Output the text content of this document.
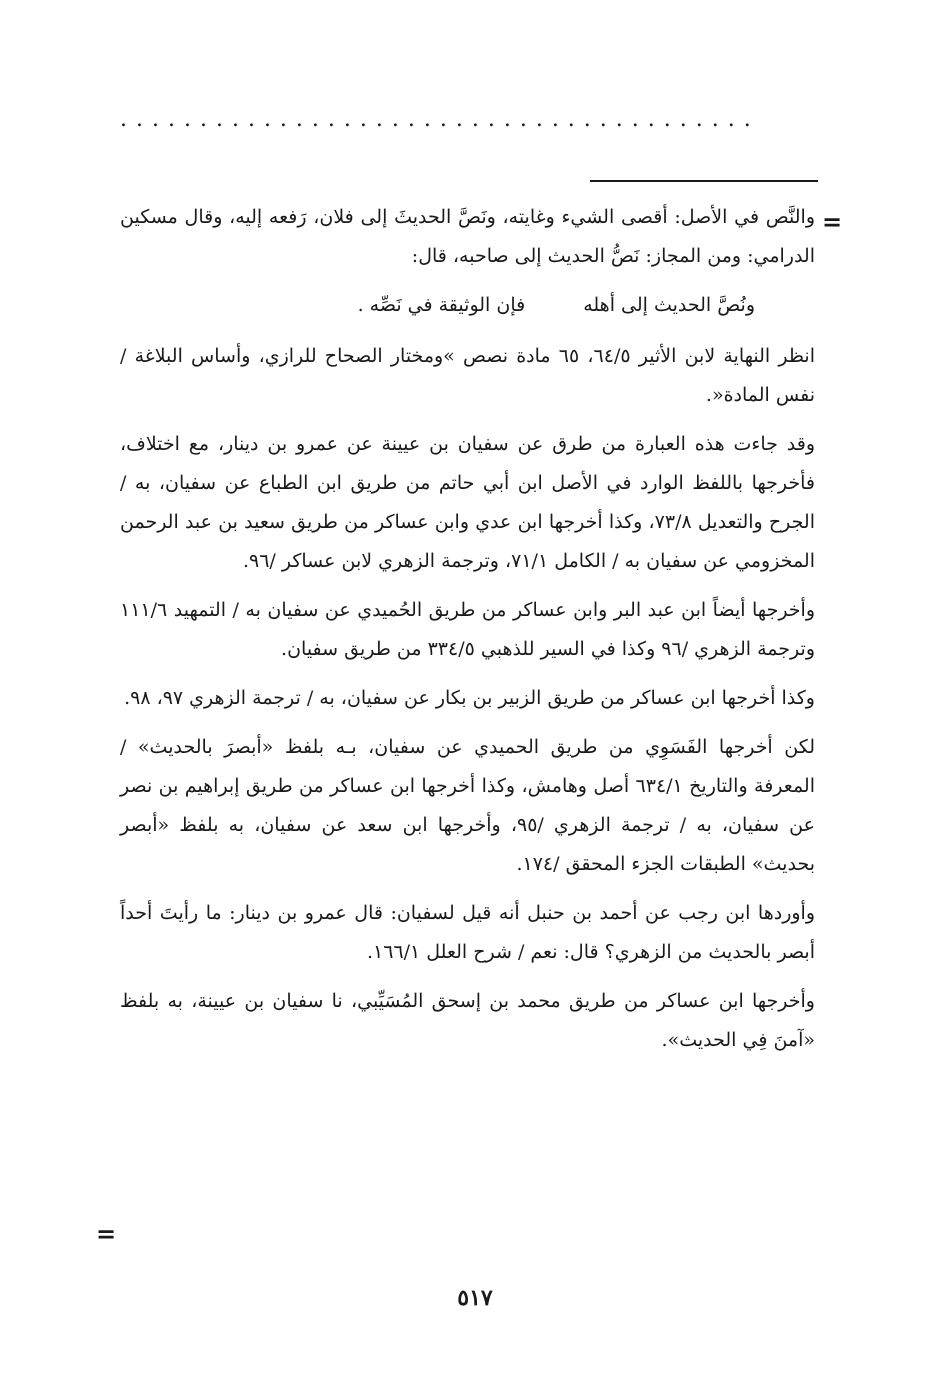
........................................
=

والنَّص في الأصل: أقصى الشيء وغايته، ونَصَّ الحديثَ إلى فلان، رَفعه إليه، وقال مسكين الدرامي: ومن المجاز: نَصُّ الحديث إلى صاحبه، قال:

ونُصَّ الحديث إلى أهله
فإن الوثيقة في نَصِّه .

انظر النهاية لابن الأثير ٦٤/٥، ٦٥ مادة نصص »ومختار الصحاح للرازي، وأساس البلاغة / نفس المادة«.

وقد جاءت هذه العبارة من طرق عن سفيان بن عيينة عن عمرو بن دينار، مع اختلاف، فأخرجها باللفظ الوارد في الأصل ابن أبي حاتم من طريق ابن الطباع عن سفيان، به / الجرح والتعديل ٧٣/٨، وكذا أخرجها ابن عدي وابن عساكر من طريق سعيد بن عبد الرحمن المخزومي عن سفيان به / الكامل ٧١/١، وترجمة الزهري لابن عساكر /٩٦.

وأخرجها أيضاً ابن عبد البر وابن عساكر من طريق الحُميدي عن سفيان به / التمهيد ١١١/٦ وترجمة الزهري /٩٦ وكذا في السير للذهبي ٣٣٤/٥ من طريق سفيان.

وكذا أخرجها ابن عساكر من طريق الزبير بن بكار عن سفيان، به / ترجمة الزهري ٩٧، ٩٨.

لكن أخرجها الفَسَوِي من طريق الحميدي عن سفيان، بـه بلفظ «أبصرَ بالحديث» / المعرفة والتاريخ ٦٣٤/١ أصل وهامش، وكذا أخرجها ابن عساكر من طريق إبراهيم بن نصر عن سفيان، به / ترجمة الزهري /٩٥، وأخرجها ابن سعد عن سفيان، به بلفظ «أبصر بحديث» الطبقات الجزء المحقق /١٧٤.

وأوردها ابن رجب عن أحمد بن حنبل أنه قيل لسفيان: قال عمرو بن دينار: ما رأيتَ أحداً أبصر بالحديث من الزهري؟ قال: نعم / شرح العلل ١٦٦/١.

وأخرجها ابن عساكر من طريق محمد بن إسحق المُسَيِّبي، نا سفيان بن عيينة، به بلفظ «آمنَ فِي الحديث».

=
٥١٧
